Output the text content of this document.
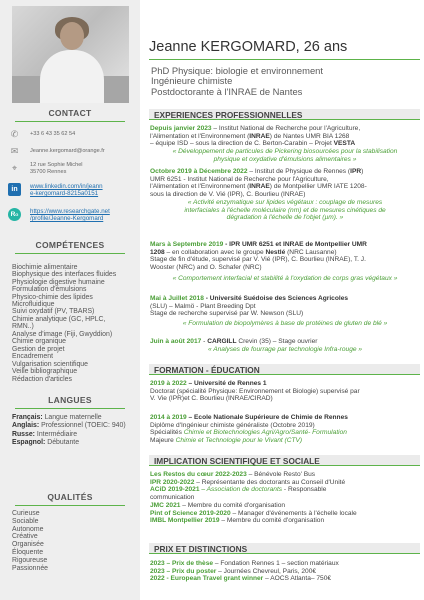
CONTACT
✆	+33 6 43 35 62 54
✉	Jeanne.kergomard@orange.fr
⌖	12 rue Sophie Michel
35700 Rennes
in	www.linkedin.com/in/jeann
e-kergomard-8215a0151
R G https://www.researchgate.net
/profile/Jeanne-Kergomard
COMPÉTENCES
Biochimie alimentaire
Biophysique des interfaces fluides
Physiologie digestive humaine
Formulation d'émulsions
Physico-chimie des lipides
Microfluidique
Suivi oxydatif (PV, TBARS)
Chimie analytique (GC, HPLC,
RMN..)
Analyse d'image (Fiji, Gwyddion)
Chimie organique
Gestion de projet
Encadrement
Vulgarisation scientifique
Veille bibliographique
Rédaction d'articles
LANGUES
Français: Langue maternelle
Anglais: Professionnel (TOEIC: 940)
Russe: Intermédiaire
Espagnol: Débutante
QUALITÉS
Curieuse
Sociable
Autonome
Créative
Organisée
Éloquente
Rigoureuse
Passionnée
Jeanne KERGOMARD, 26 ans
PhD Physique: biologie et environnement
Ingénieure chimiste
Postdoctorante à l'INRAE de Nantes
EXPERIENCES PROFESSIONNELLES
Depuis janvier 2023 – Institut National de Recherche pour l'Agriculture,
l'Alimentation et l'Environnement (INRAE) de Nantes UMR BIA 1268
– équipe ISD – sous la direction de C. Berton-Carabin – Projet VESTA
« Développement de particules de Pickering biosourcées pour la stabilisation
physique et oxydative d'émulsions alimentaires »
Octobre 2019 à Décembre 2022 – Institut de Physique de Rennes (IPR)
UMR 6251 - Institut National de Recherche pour l'Agriculture,
l'Alimentation et l'Environnement (INRAE) de Montpellier UMR IATE 1208-
sous la direction de V. Vié (IPR), C. Bourlieu (INRAE)
« Activité enzymatique sur lipides végétaux : couplage de mesures
interfaciales à l'échelle moléculaire (nm) et de mesures cinétiques de
dégradation à l'échelle de l'objet (µm). »
Mars à Septembre 2019 - IPR UMR 6251 et INRAE de Montpellier UMR
1208 – en collaboration avec le groupe Nestlé (NRC Lausanne)
Stage de fin d'étude, supervisé par V. Vié (IPR), C. Bourlieu (INRAE), T. J.
Wooster (NRC) and O. Schafer (NRC)
« Comportement interfacial et stabilité à l'oxydation de corps gras végétaux »
Mai à Juillet 2018 - Université Suédoise des Sciences Agricoles
(SLU) – Malmö - Plant Breeding Dpt
Stage de recherche supervisé par W. Newson (SLU)
« Formulation de biopolymères à base de protéines de gluten de blé »
Juin à août 2017 - CARGILL Crevin (35) – Stage ouvrier
« Analyses de fourrage par technologie Infra-rouge »
FORMATION - ÉDUCATION
2019 à 2022 – Université de Rennes 1
Doctorat (spécialité Physique: Environnement et Biologie) supervisé par
V. Vie (IPR)et C. Bourlieu (INRAE/CIRAD)
2014 à 2019 – Ecole Nationale Supérieure de Chimie de Rennes
Diplôme d'Ingénieur chimiste généraliste (Octobre 2019)
Spécialités Chimie et Biotechnologies Agri/Agro/Santé- Formulation
Majeure Chimie et Technologie pour le Vivant (CTV)
IMPLICATION SCIENTIFIQUE ET SOCIALE
Les Restos du cœur 2022-2023 – Bénévole Resto' Bus
IPR 2020-2022 – Représentante des doctorants au Conseil d'Unité
ACiD 2019-2021 – Association de doctorants - Responsable
communication
JMC 2021 – Membre du comité d'organisation
Pint of Science 2019-2020 – Manager d'événements à l'échelle locale
IMBL Montpellier 2019 – Membre du comité d'organisation
PRIX ET DISTINCTIONS
2023 – Prix de thèse – Fondation Rennes 1 – section matériaux
2023 – Prix du poster – Journées Chevreul, Paris, 200€
2022 - European Travel grant winner – AOCS Atlanta– 750€
